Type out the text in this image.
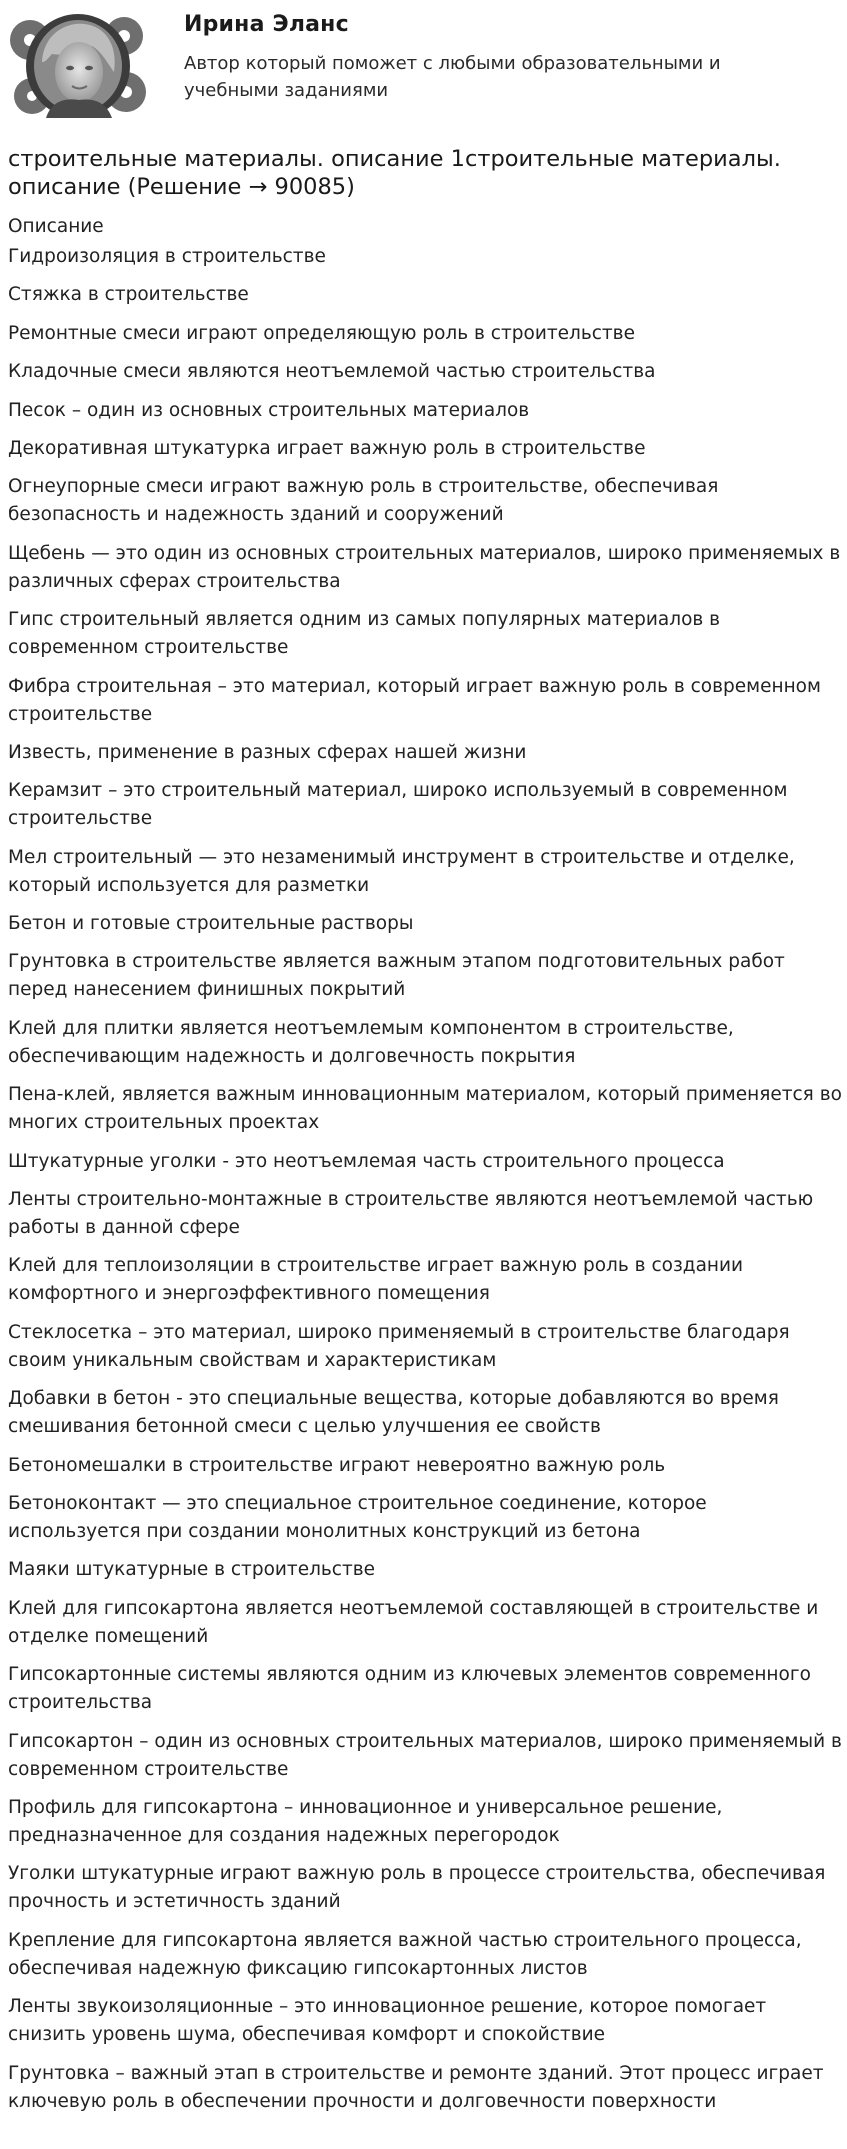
Ирина Эланс
Автор который поможет с любыми образовательными и учебными заданиями
строительные материалы. описание 1строительные материалы. описание (Решение → 90085)
Описание
Гидроизоляция в строительстве
Стяжка в строительстве
Ремонтные смеси играют определяющую роль в строительстве
Кладочные смеси являются неотъемлемой частью строительства
Песок – один из основных строительных материалов
Декоративная штукатурка играет важную роль в строительстве
Огнеупорные смеси играют важную роль в строительстве, обеспечивая безопасность и надежность зданий и сооружений
Щебень — это один из основных строительных материалов, широко применяемых в различных сферах строительства
Гипс строительный является одним из самых популярных материалов в современном строительстве
Фибра строительная – это материал, который играет важную роль в современном строительстве
Известь, применение в разных сферах нашей жизни
Керамзит – это строительный материал, широко используемый в современном строительстве
Мел строительный — это незаменимый инструмент в строительстве и отделке, который используется для разметки
Бетон и готовые строительные растворы
Грунтовка в строительстве является важным этапом подготовительных работ перед нанесением финишных покрытий
Клей для плитки является неотъемлемым компонентом в строительстве, обеспечивающим надежность и долговечность покрытия
Пена-клей, является важным инновационным материалом, который применяется во многих строительных проектах
Штукатурные уголки - это неотъемлемая часть строительного процесса
Ленты строительно-монтажные в строительстве являются неотъемлемой частью работы в данной сфере
Клей для теплоизоляции в строительстве играет важную роль в создании комфортного и энергоэффективного помещения
Стеклосетка – это материал, широко применяемый в строительстве благодаря своим уникальным свойствам и характеристикам
Добавки в бетон - это специальные вещества, которые добавляются во время смешивания бетонной смеси с целью улучшения ее свойств
Бетономешалки в строительстве играют невероятно важную роль
Бетоноконтакт — это специальное строительное соединение, которое используется при создании монолитных конструкций из бетона
Маяки штукатурные в строительстве
Клей для гипсокартона является неотъемлемой составляющей в строительстве и отделке помещений
Гипсокартонные системы являются одним из ключевых элементов современного строительства
Гипсокартон – один из основных строительных материалов, широко применяемый в современном строительстве
Профиль для гипсокартона – инновационное и универсальное решение, предназначенное для создания надежных перегородок
Уголки штукатурные играют важную роль в процессе строительства, обеспечивая прочность и эстетичность зданий
Крепление для гипсокартона является важной частью строительного процесса, обеспечивая надежную фиксацию гипсокартонных листов
Ленты звукоизоляционные – это инновационное решение, которое помогает снизить уровень шума, обеспечивая комфорт и спокойствие
Грунтовка – важный этап в строительстве и ремонте зданий. Этот процесс играет ключевую роль в обеспечении прочности и долговечности поверхности
